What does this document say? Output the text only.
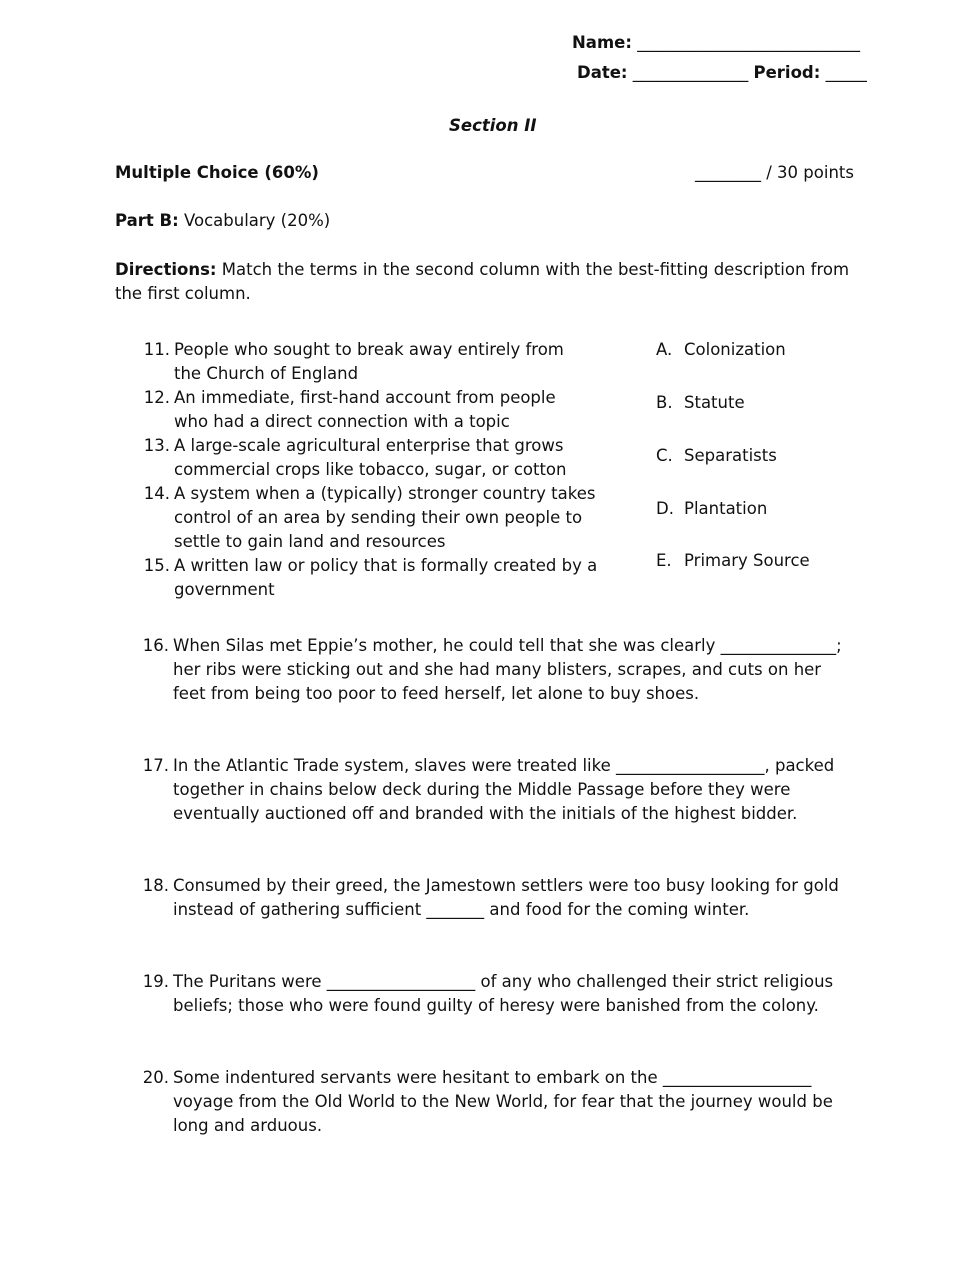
Name: ___________________________
Date: ______________ Period: _____
Section II
Multiple Choice (60%)	________ / 30 points
Part B: Vocabulary (20%)
Directions: Match the terms in the second column with the best-fitting description from
the first column.
11. People who sought to break away entirely from
the Church of England
12. An immediate, first-hand account from people
who had a direct connection with a topic
13. A large-scale agricultural enterprise that grows
commercial crops like tobacco, sugar, or cotton
14. A system when a (typically) stronger country takes
control of an area by sending their own people to
settle to gain land and resources
15. A written law or policy that is formally created by a
government
A. Colonization
B. Statute
C. Separatists
D. Plantation
E. Primary Source
16. When Silas met Eppie’s mother, he could tell that she was clearly ______________;
her ribs were sticking out and she had many blisters, scrapes, and cuts on her
feet from being too poor to feed herself, let alone to buy shoes.
17. In the Atlantic Trade system, slaves were treated like __________________, packed
together in chains below deck during the Middle Passage before they were
eventually auctioned off and branded with the initials of the highest bidder.
18. Consumed by their greed, the Jamestown settlers were too busy looking for gold
instead of gathering sufficient _______ and food for the coming winter.
19. The Puritans were __________________ of any who challenged their strict religious
beliefs; those who were found guilty of heresy were banished from the colony.
20. Some indentured servants were hesitant to embark on the __________________
voyage from the Old World to the New World, for fear that the journey would be
long and arduous.
